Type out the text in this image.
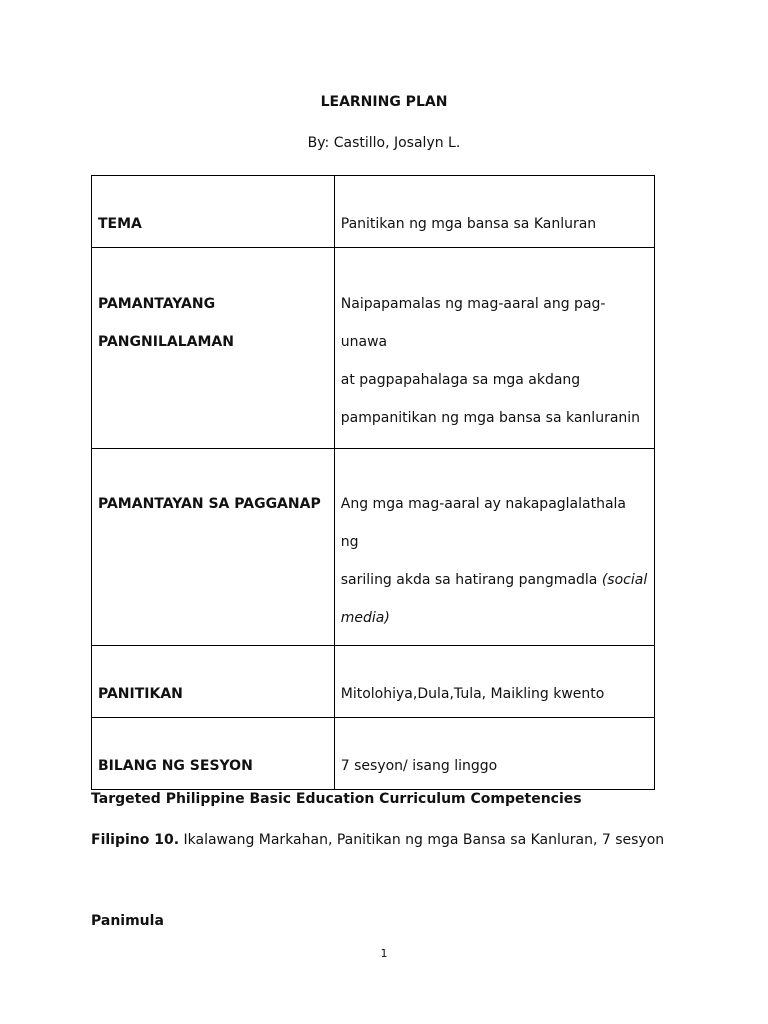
LEARNING PLAN
By: Castillo, Josalyn L.
TEMA	Panitikan ng mga bansa sa Kanluran

PAMANTAYANG
PANGNILALAMAN	Naipapamalas ng mag-aaral ang pag-unawa
at pagpapahalaga sa mga akdang
pampanitikan ng mga bansa sa kanluranin

PAMANTAYAN SA PAGGANAP	Ang mga mag-aaral ay nakapaglalathala ng
sariling akda sa hatirang pangmadla (social
media)

PANITIKAN	Mitolohiya,Dula,Tula, Maikling kwento

BILANG NG SESYON	7 sesyon/ isang linggo
Targeted Philippine Basic Education Curriculum Competencies
Filipino 10. Ikalawang Markahan, Panitikan ng mga Bansa sa Kanluran, 7 sesyon
Panimula
1
